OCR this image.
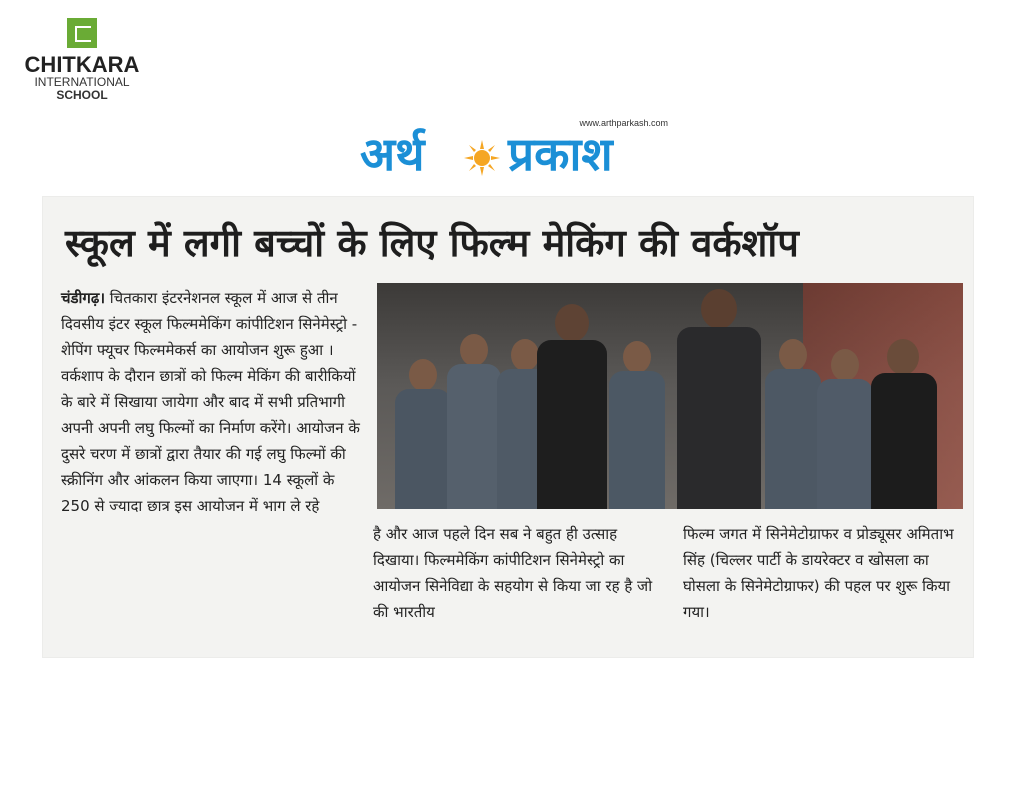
CHITKARA
INTERNATIONAL
SCHOOL
www.arthparkash.com
अर्थ प्रकाश
स्कूल में लगी बच्चों के लिए फिल्म मेकिंग की वर्कशॉप
चंडीगढ़। चितकारा इंटरनेशनल स्कूल में आज से तीन दिवसीय इंटर स्कूल फिल्ममेकिंग कांपीटिशन सिनेमेस्ट्रो - शेपिंग फ्यूचर फिल्ममेकर्स का आयोजन शुरू हुआ । वर्कशाप के दौरान छात्रों को फिल्म मेकिंग की बारीकियों के बारे में सिखाया जायेगा और बाद में सभी प्रतिभागी अपनी अपनी लघु फिल्मों का निर्माण करेंगे। आयोजन के दुसरे चरण में छात्रों द्वारा तैयार की गई लघु फिल्मों की स्क्रीनिंग और आंकलन किया जाएगा। 14 स्कूलों के 250 से ज्यादा छात्र इस आयोजन में भाग ले रहे
है और आज पहले दिन सब ने बहुत ही उत्साह दिखाया। फिल्ममेकिंग कांपीटिशन सिनेमेस्ट्रो का आयोजन सिनेविद्या के सहयोग से किया जा रह है जो की भारतीय
फिल्म जगत में सिनेमेटोग्राफर व प्रोड्यूसर अमिताभ सिंह (चिल्लर पार्टी के डायरेक्टर व खोसला का घोसला के सिनेमेटोग्राफर) की पहल पर शुरू किया गया।
